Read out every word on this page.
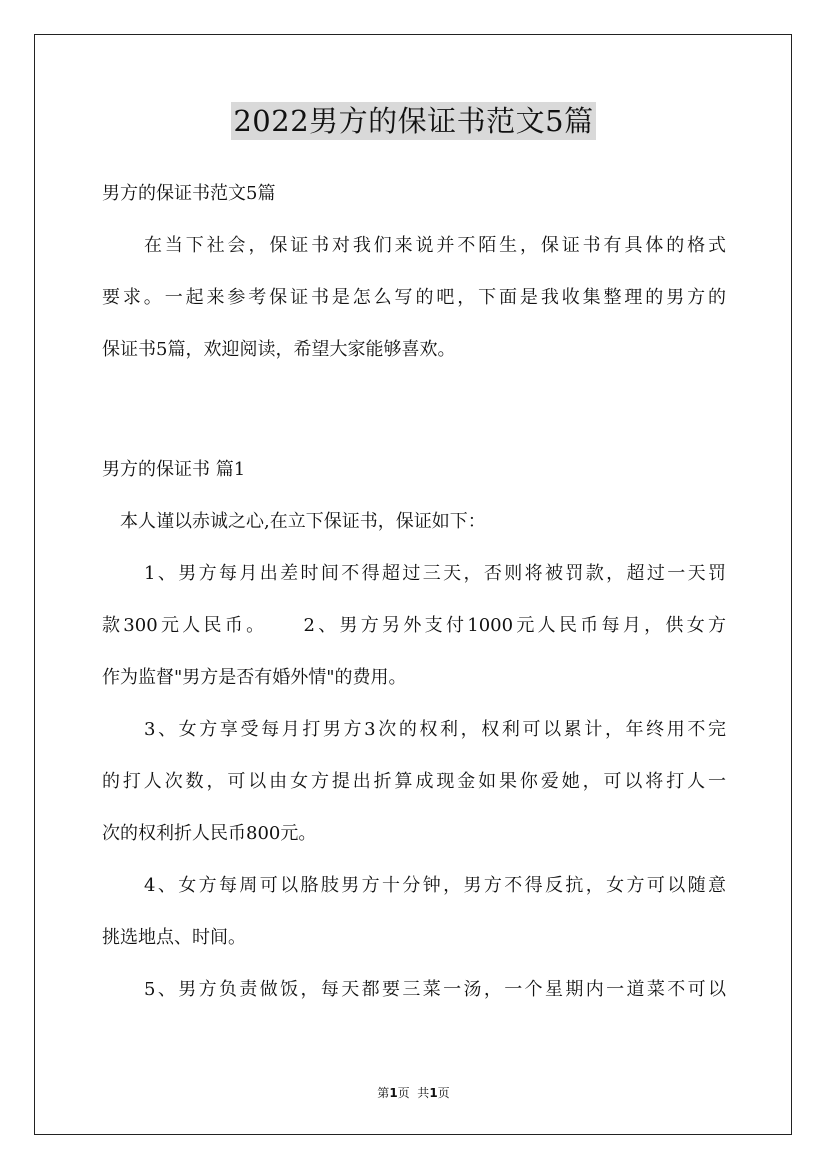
2022男方的保证书范文5篇
男方的保证书范文5篇
在当下社会，保证书对我们来说并不陌生，保证书有具体的格式
要求。一起来参考保证书是怎么写的吧，下面是我收集整理的男方的
保证书5篇，欢迎阅读，希望大家能够喜欢。
男方的保证书 篇1
本人谨以赤诚之心,在立下保证书，保证如下：
1、男方每月出差时间不得超过三天，否则将被罚款，超过一天罚
款300元人民币。    2、男方另外支付1000元人民币每月，供女方
作为监督"男方是否有婚外情"的费用。
3、女方享受每月打男方3次的权利，权利可以累计，年终用不完
的打人次数，可以由女方提出折算成现金如果你爱她，可以将打人一
次的权利折人民币800元。
4、女方每周可以胳肢男方十分钟，男方不得反抗，女方可以随意
挑选地点、时间。
5、男方负责做饭，每天都要三菜一汤，一个星期内一道菜不可以
第1页  共1页
